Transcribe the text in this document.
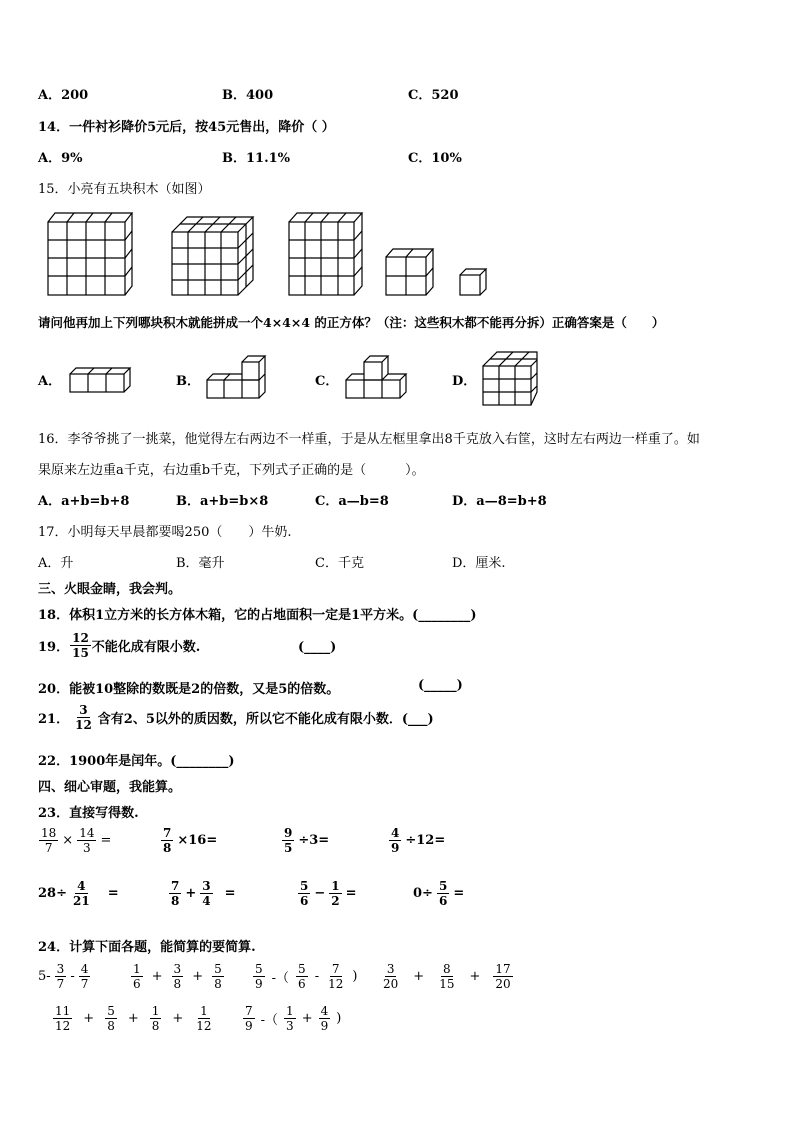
A．200	B．400	C．520
14．一件衬衫降价5元后，按45元售出，降价（ ）
A．9%	B．11.1%	C．10%
15．小亮有五块积木（如图）
请问他再加上下列哪块积木就能拼成一个4×4×4 的正方体？（注：这些积木都不能再分拆）正确答案是（　　）
A．	B．	C．	D．
16．李爷爷挑了一挑菜，他觉得左右两边不一样重，于是从左框里拿出8千克放入右筐，这时左右两边一样重了。如
果原来左边重a千克，右边重b千克，下列式子正确的是（　　　）。
A．a+b=b+8	B．a+b=b×8	C．a—b=8	D．a—8=b+8
17．小明每天早晨都要喝250（　　）牛奶.
A．升	B．毫升	C．千克	D．厘米.
三、火眼金睛，我会判。
18．体积1立方米的长方体木箱，它的占地面积一定是1平方米。(________)
19． $\frac{12}{15}$ 不能化成有限小数.	(____)
20．能被10整除的数既是2的倍数，又是5的倍数。	(_____)
21． $\frac{3}{12}$ 含有2、5以外的质因数，所以它不能化成有限小数．(___)
22．1900年是闰年。(________)
四、细心审题，我能算。
23．直接写得数.
$\frac{18}{7} \times \frac{14}{3}$ =	$\frac{7}{8} \times 16=$	$\frac{9}{5} \div 3=$	$\frac{4}{9} \div 12=$
$28\div \frac{4}{21}$ =	$\frac{7}{8} + \frac{3}{4}$ =	$\frac{5}{6} - \frac{1}{2}$ =	$0\div \frac{5}{6}$ =
24．计算下面各题，能简算的要简算.
$5- \frac{3}{7} - \frac{4}{7}$	$\frac{1}{6} + \frac{3}{8} + \frac{5}{8} \frac{5}{9}$ -（ $\frac{5}{6} - \frac{7}{12}$ ) $\frac{3}{20} + \frac{8}{15} + \frac{17}{20}$
$\frac{11}{12} + \frac{5}{8} + \frac{1}{8} + \frac{1}{12} \frac{7}{9}$ -（ $\frac{1}{3} + \frac{4}{9}$ )
